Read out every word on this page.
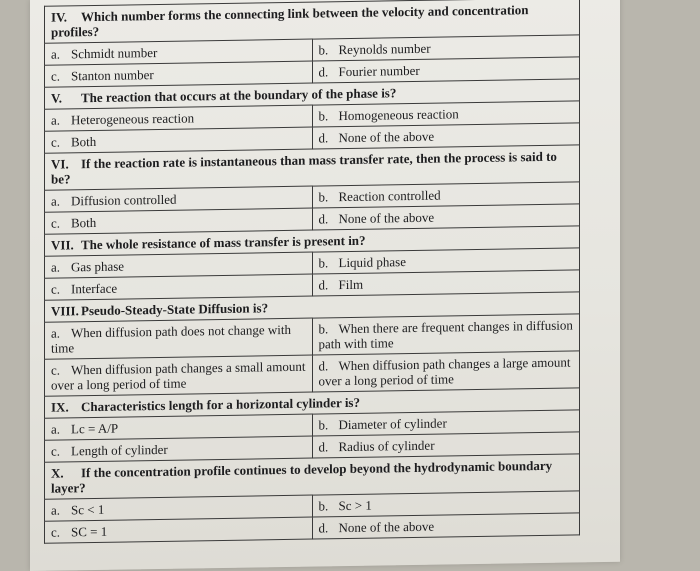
IV. Which number forms the connecting link between the velocity and concentration profiles?	
a. Schmidt number	b. Reynolds number
c. Stanton number	d. Fourier number
V. The reaction that occurs at the boundary of the phase is?	
a. Heterogeneous reaction	b. Homogeneous reaction
c. Both	d. None of the above
VI. If the reaction rate is instantaneous than mass transfer rate, then the process is said to be?	
a. Diffusion controlled	b. Reaction controlled
c. Both	d. None of the above
VII. The whole resistance of mass transfer is present in?	
a. Gas phase	b. Liquid phase
c. Interface	d. Film
VIII. Pseudo-Steady-State Diffusion is?	
a. When diffusion path does not change with time	b. When there are frequent changes in diffusion path with time
c. When diffusion path changes a small amount over a long period of time	d. When diffusion path changes a large amount over a long period of time
IX. Characteristics length for a horizontal cylinder is?	
a. Lc = A/P	b. Diameter of cylinder
c. Length of cylinder	d. Radius of cylinder
X. If the concentration profile continues to develop beyond the hydrodynamic boundary layer?	
a. Sc < 1	b. Sc > 1
c. SC = 1	d. None of the above
